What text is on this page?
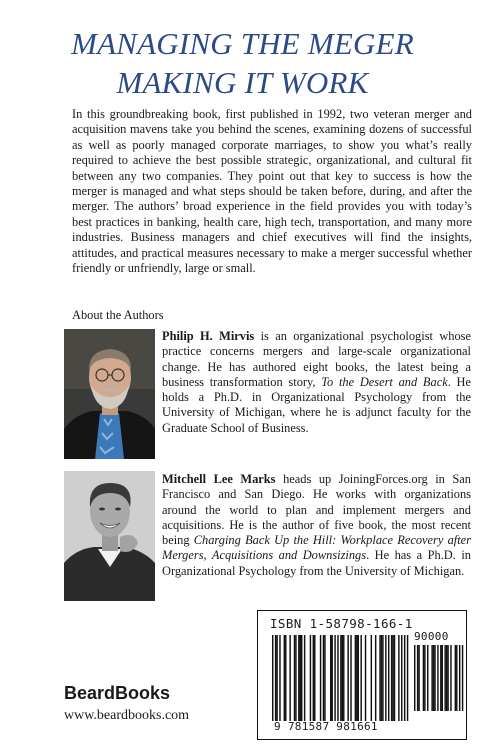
MANAGING THE MEGER
MAKING IT WORK
In this groundbreaking book, first published in 1992, two veteran merger and acquisition mavens take you behind the scenes, examining dozens of successful as well as poorly managed corporate marriages, to show you what’s really required to achieve the best possible strategic, organizational, and cultural fit between any two companies. They point out that key to success is how the merger is managed and what steps should be taken before, during, and after the merger. The authors’ broad experience in the field provides you with today’s best practices in banking, health care, high tech, transportation, and many more industries. Business managers and chief executives will find the insights, attitudes, and practical measures necessary to make a merger successful whether friendly or unfriendly, large or small.
About the Authors
Philip H. Mirvis is an organizational psychologist whose practice concerns mergers and large-scale organizational change. He has authored eight books, the latest being a business transformation story, To the Desert and Back. He holds a Ph.D. in Organizational Psychology from the University of Michigan, where he is adjunct faculty for the Graduate School of Business.
Mitchell Lee Marks heads up JoiningForces.org in San Francisco and San Diego. He works with organizations around the world to plan and implement mergers and acquisitions. He is the author of five book, the most recent being Charging Back Up the Hill: Workplace Recovery after Mergers, Acquisitions and Downsizings. He has a Ph.D. in Organizational Psychology from the University of Michigan.
BeardBooks
www.beardbooks.com
ISBN 1-58798-166-1
90000
9 781587 981661
